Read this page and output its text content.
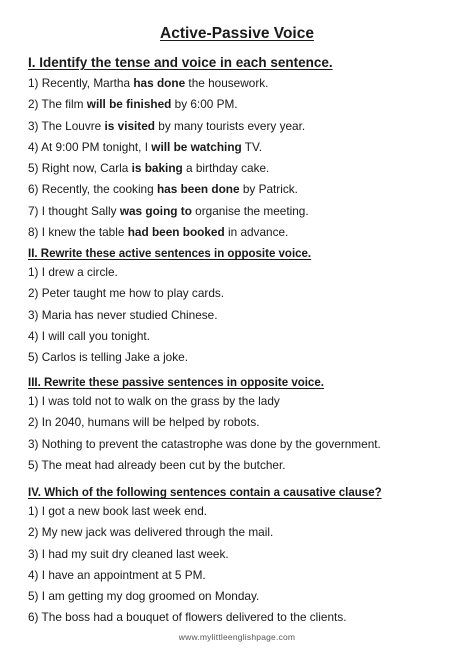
Active-Passive Voice
I. Identify the tense and voice in each sentence.
1) Recently, Martha has done the housework.
2) The film will be finished by 6:00 PM.
3) The Louvre is visited by many tourists every year.
4) At 9:00 PM tonight, I will be watching TV.
5) Right now, Carla is baking a birthday cake.
6) Recently, the cooking has been done by Patrick.
7) I thought Sally was going to organise the meeting.
8) I knew the table had been booked in advance.
II. Rewrite these active sentences in opposite voice.
1) I drew a circle.
2) Peter taught me how to play cards.
3) Maria has never studied Chinese.
4) I will call you tonight.
5) Carlos is telling Jake a joke.
III. Rewrite these passive sentences in opposite voice.
1) I was told not to walk on the grass by the lady
2) In 2040, humans will be helped by robots.
3) Nothing to prevent the catastrophe was done by the government.
5) The meat had already been cut by the butcher.
IV. Which of the following sentences contain a causative clause?
1) I got a new book last week end.
2) My new jack was delivered through the mail.
3) I had my suit dry cleaned last week.
4) I have an appointment at 5 PM.
5) I am getting my dog groomed on Monday.
6) The boss had a bouquet of flowers delivered to the clients.
www.mylittleenglishpage.com
